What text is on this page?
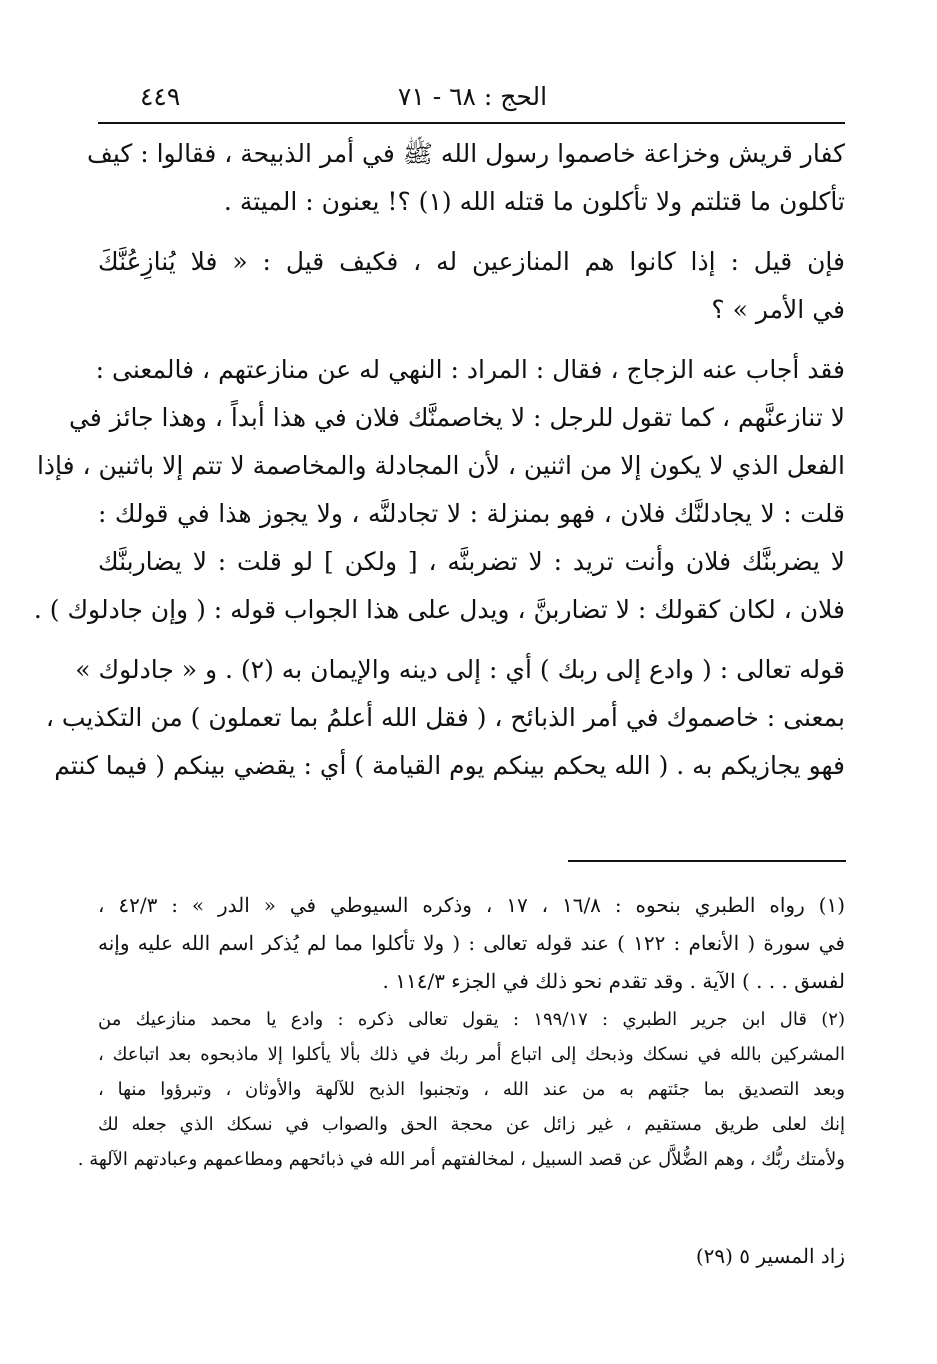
الحج : ٦٨ - ٧١
٤٤٩
كفار قريش وخزاعة خاصموا رسول الله ﷺ في أمر الذبيحة ، فقالوا : كيف
تأكلون ما قتلتم ولا تأكلون ما قتله الله (١) ؟! يعنون : الميتة .
فإن قيل : إذا كانوا هم المنازعين له ، فكيف قيل : « فلا يُنازِعُنَّكَ
في الأمر » ؟
فقد أجاب عنه الزجاج ، فقال : المراد : النهي له عن منازعتهم ، فالمعنى :
لا تنازعنَّهم ، كما تقول للرجل : لا يخاصمنَّك فلان في هذا أبداً ، وهذا جائز في
الفعل الذي لا يكون إلا من اثنين ، لأن المجادلة والمخاصمة لا تتم إلا باثنين ، فإذا
قلت : لا يجادلنَّك فلان ، فهو بمنزلة : لا تجادلنَّه ، ولا يجوز هذا في قولك :
لا يضربنَّك فلان وأنت تريد : لا تضربنَّه ، [ ولكن ] لو قلت : لا يضاربنَّك
فلان ، لكان كقولك : لا تضاربنَّ ، ويدل على هذا الجواب قوله : ( وإن جادلوك ) .
قوله تعالى : ( وادع إلى ربك ) أي : إلى دينه والإيمان به (٢) . و « جادلوك »
بمعنى : خاصموك في أمر الذبائح ، ( فقل الله أعلمُ بما تعملون ) من التكذيب ،
فهو يجازيكم به . ( الله يحكم بينكم يوم القيامة ) أي : يقضي بينكم ( فيما كنتم
(١) رواه الطبري بنحوه : ١٦/٨ ، ١٧ ، وذكره السيوطي في « الدر » : ٤٢/٣ ،
في سورة ( الأنعام : ١٢٢ ) عند قوله تعالى : ( ولا تأكلوا مما لم يُذكر اسم الله عليه وإنه
لفسق . . . ) الآية . وقد تقدم نحو ذلك في الجزء ١١٤/٣ .
(٢) قال ابن جرير الطبري : ١٩٩/١٧ : يقول تعالى ذكره : وادع يا محمد منازعيك من
المشركين بالله في نسكك وذبحك إلى اتباع أمر ربك في ذلك بألا يأكلوا إلا ماذبحوه بعد اتباعك ،
وبعد التصديق بما جئتهم به من عند الله ، وتجنبوا الذبح للآلهة والأوثان ، وتبرؤوا منها ،
إنك لعلى طريق مستقيم ، غير زائل عن محجة الحق والصواب في نسكك الذي جعله لك
ولأمتك ربُّك ، وهم الضُّلاَّل عن قصد السبيل ، لمخالفتهم أمر الله في ذبائحهم ومطاعمهم وعبادتهم الآلهة .
زاد المسير ٥ (٢٩)
